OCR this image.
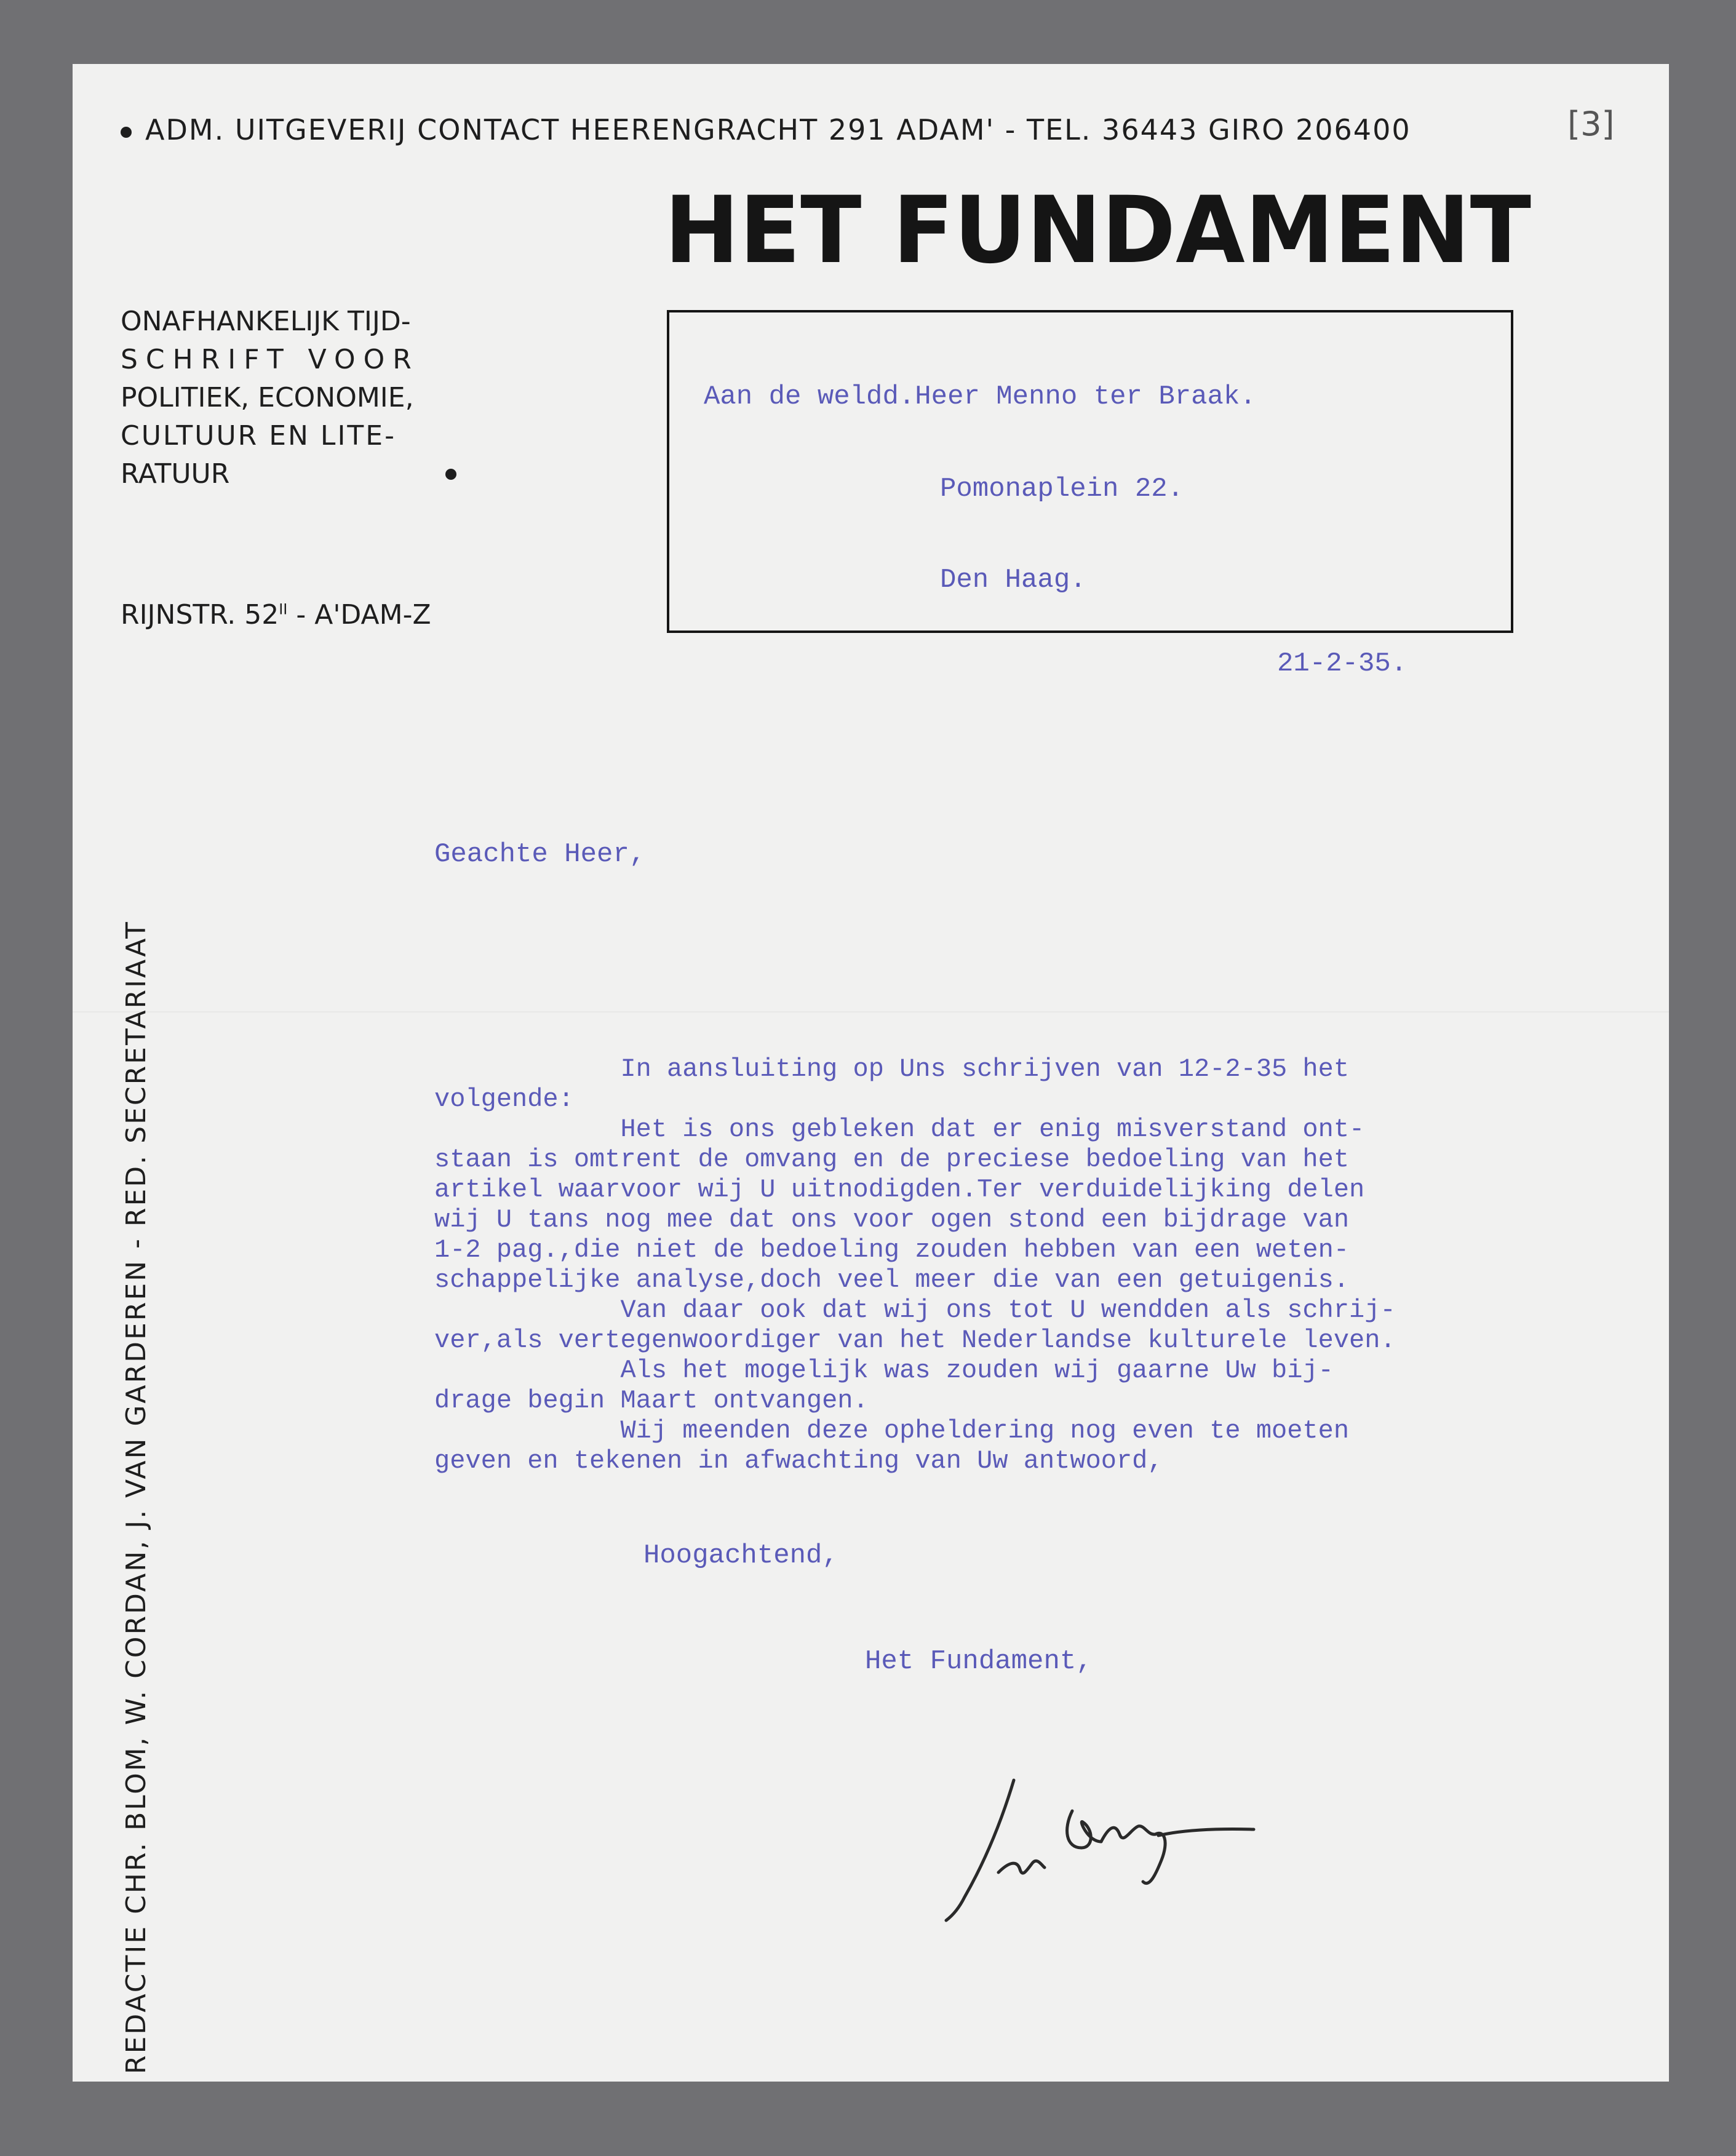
ADM. UITGEVERIJ CONTACT HEERENGRACHT 291 ADAM' - TEL. 36443 GIRO 206400	[3]
HET FUNDAMENT
ONAFHANKELIJK TIJD-
SCHRIFT VOOR
POLITIEK, ECONOMIE,
CULTUUR EN LITE-
RATUUR
RIJNSTR. $52^{II} - A'DAM-Z$
REDACTIE CHR. BLOM, W. CORDAN, J. VAN GARDEREN - RED. SECRETARIAAT
Aan de weldd.Heer Menno ter Braak.
Pomonaplein 22.
Den Haag.
21-2-35.
Geachte Heer,
In aansluiting op Uns schrijven van 12-2-35 het
volgende:
Het is ons gebleken dat er enig misverstand ont-
staan is omtrent de omvang en de preciese bedoeling van het
artikel waarvoor wij U uitnodigden.Ter verduidelijking delen
wij U tans nog mee dat ons voor ogen stond een bijdrage van
1-2 pag.,die niet de bedoeling zouden hebben van een weten-
schappelijke analyse,doch veel meer die van een getuigenis.
Van daar ook dat wij ons tot U wendden als schrij-
ver,als vertegenwoordiger van het Nederlandse kulturele leven.
Als het mogelijk was zouden wij gaarne Uw bij-
drage begin Maart ontvangen.
Wij meenden deze opheldering nog even te moeten
geven en tekenen in afwachting van Uw antwoord,
Hoogachtend,
Het Fundament,
